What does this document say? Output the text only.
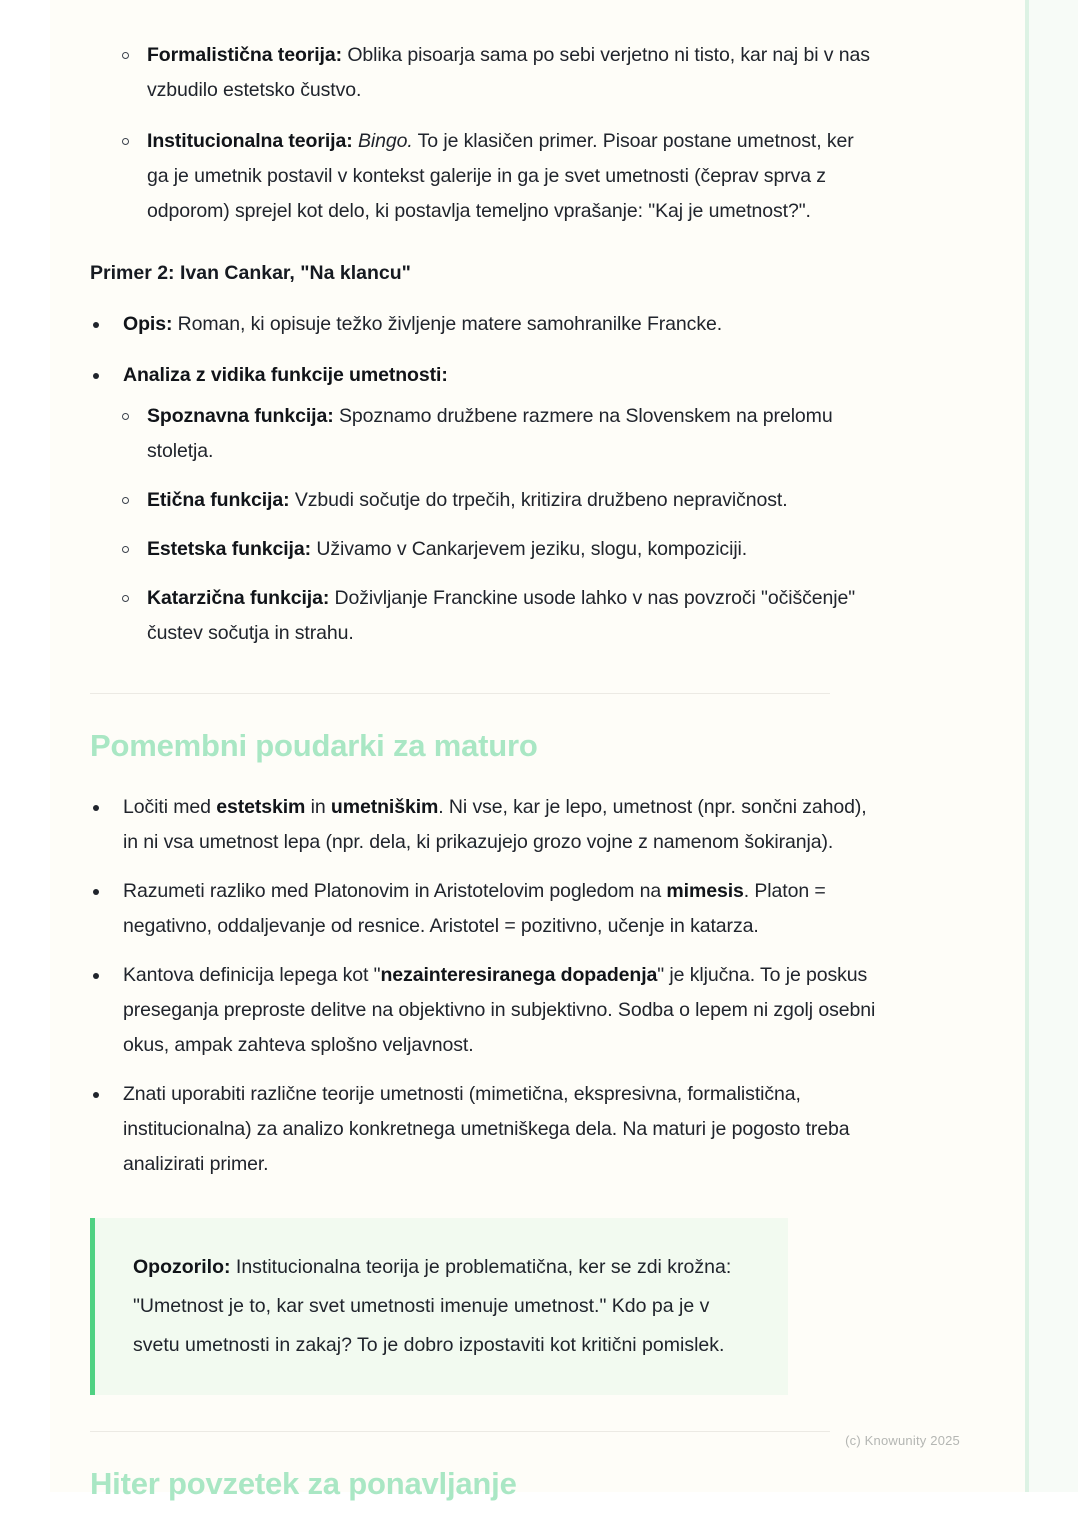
Formalistična teorija: Oblika pisoarja sama po sebi verjetno ni tisto, kar naj bi v nas vzbudilo estetsko čustvo.
Institucionalna teorija: Bingo. To je klasičen primer. Pisoar postane umetnost, ker ga je umetnik postavil v kontekst galerije in ga je svet umetnosti (čeprav sprva z odporom) sprejel kot delo, ki postavlja temeljno vprašanje: "Kaj je umetnost?".
Primer 2: Ivan Cankar, "Na klancu"
Opis: Roman, ki opisuje težko življenje matere samohranilke Francke.
Analiza z vidika funkcije umetnosti:
Spoznavna funkcija: Spoznamo družbene razmere na Slovenskem na prelomu stoletja.
Etična funkcija: Vzbudi sočutje do trpečih, kritizira družbeno nepravičnost.
Estetska funkcija: Uživamo v Cankarjevem jeziku, slogu, kompoziciji.
Katarzična funkcija: Doživljanje Franckine usode lahko v nas povzroči "očiščenje" čustev sočutja in strahu.
Pomembni poudarki za maturo
Ločiti med estetskim in umetniškim. Ni vse, kar je lepo, umetnost (npr. sončni zahod), in ni vsa umetnost lepa (npr. dela, ki prikazujejo grozo vojne z namenom šokiranja).
Razumeti razliko med Platonovim in Aristotelovim pogledom na mimesis. Platon = negativno, oddaljevanje od resnice. Aristotel = pozitivno, učenje in katarza.
Kantova definicija lepega kot "nezainteresiranega dopadenja" je ključna. To je poskus preseganja preproste delitve na objektivno in subjektivno. Sodba o lepem ni zgolj osebni okus, ampak zahteva splošno veljavnost.
Znati uporabiti različne teorije umetnosti (mimetična, ekspresivna, formalistična, institucionalna) za analizo konkretnega umetniškega dela. Na maturi je pogosto treba analizirati primer.
Opozorilo: Institucionalna teorija je problematična, ker se zdi krožna: "Umetnost je to, kar svet umetnosti imenuje umetnost." Kdo pa je v svetu umetnosti in zakaj? To je dobro izpostaviti kot kritični pomislek.
Hiter povzetek za ponavljanje
(c) Knowunity 2025
